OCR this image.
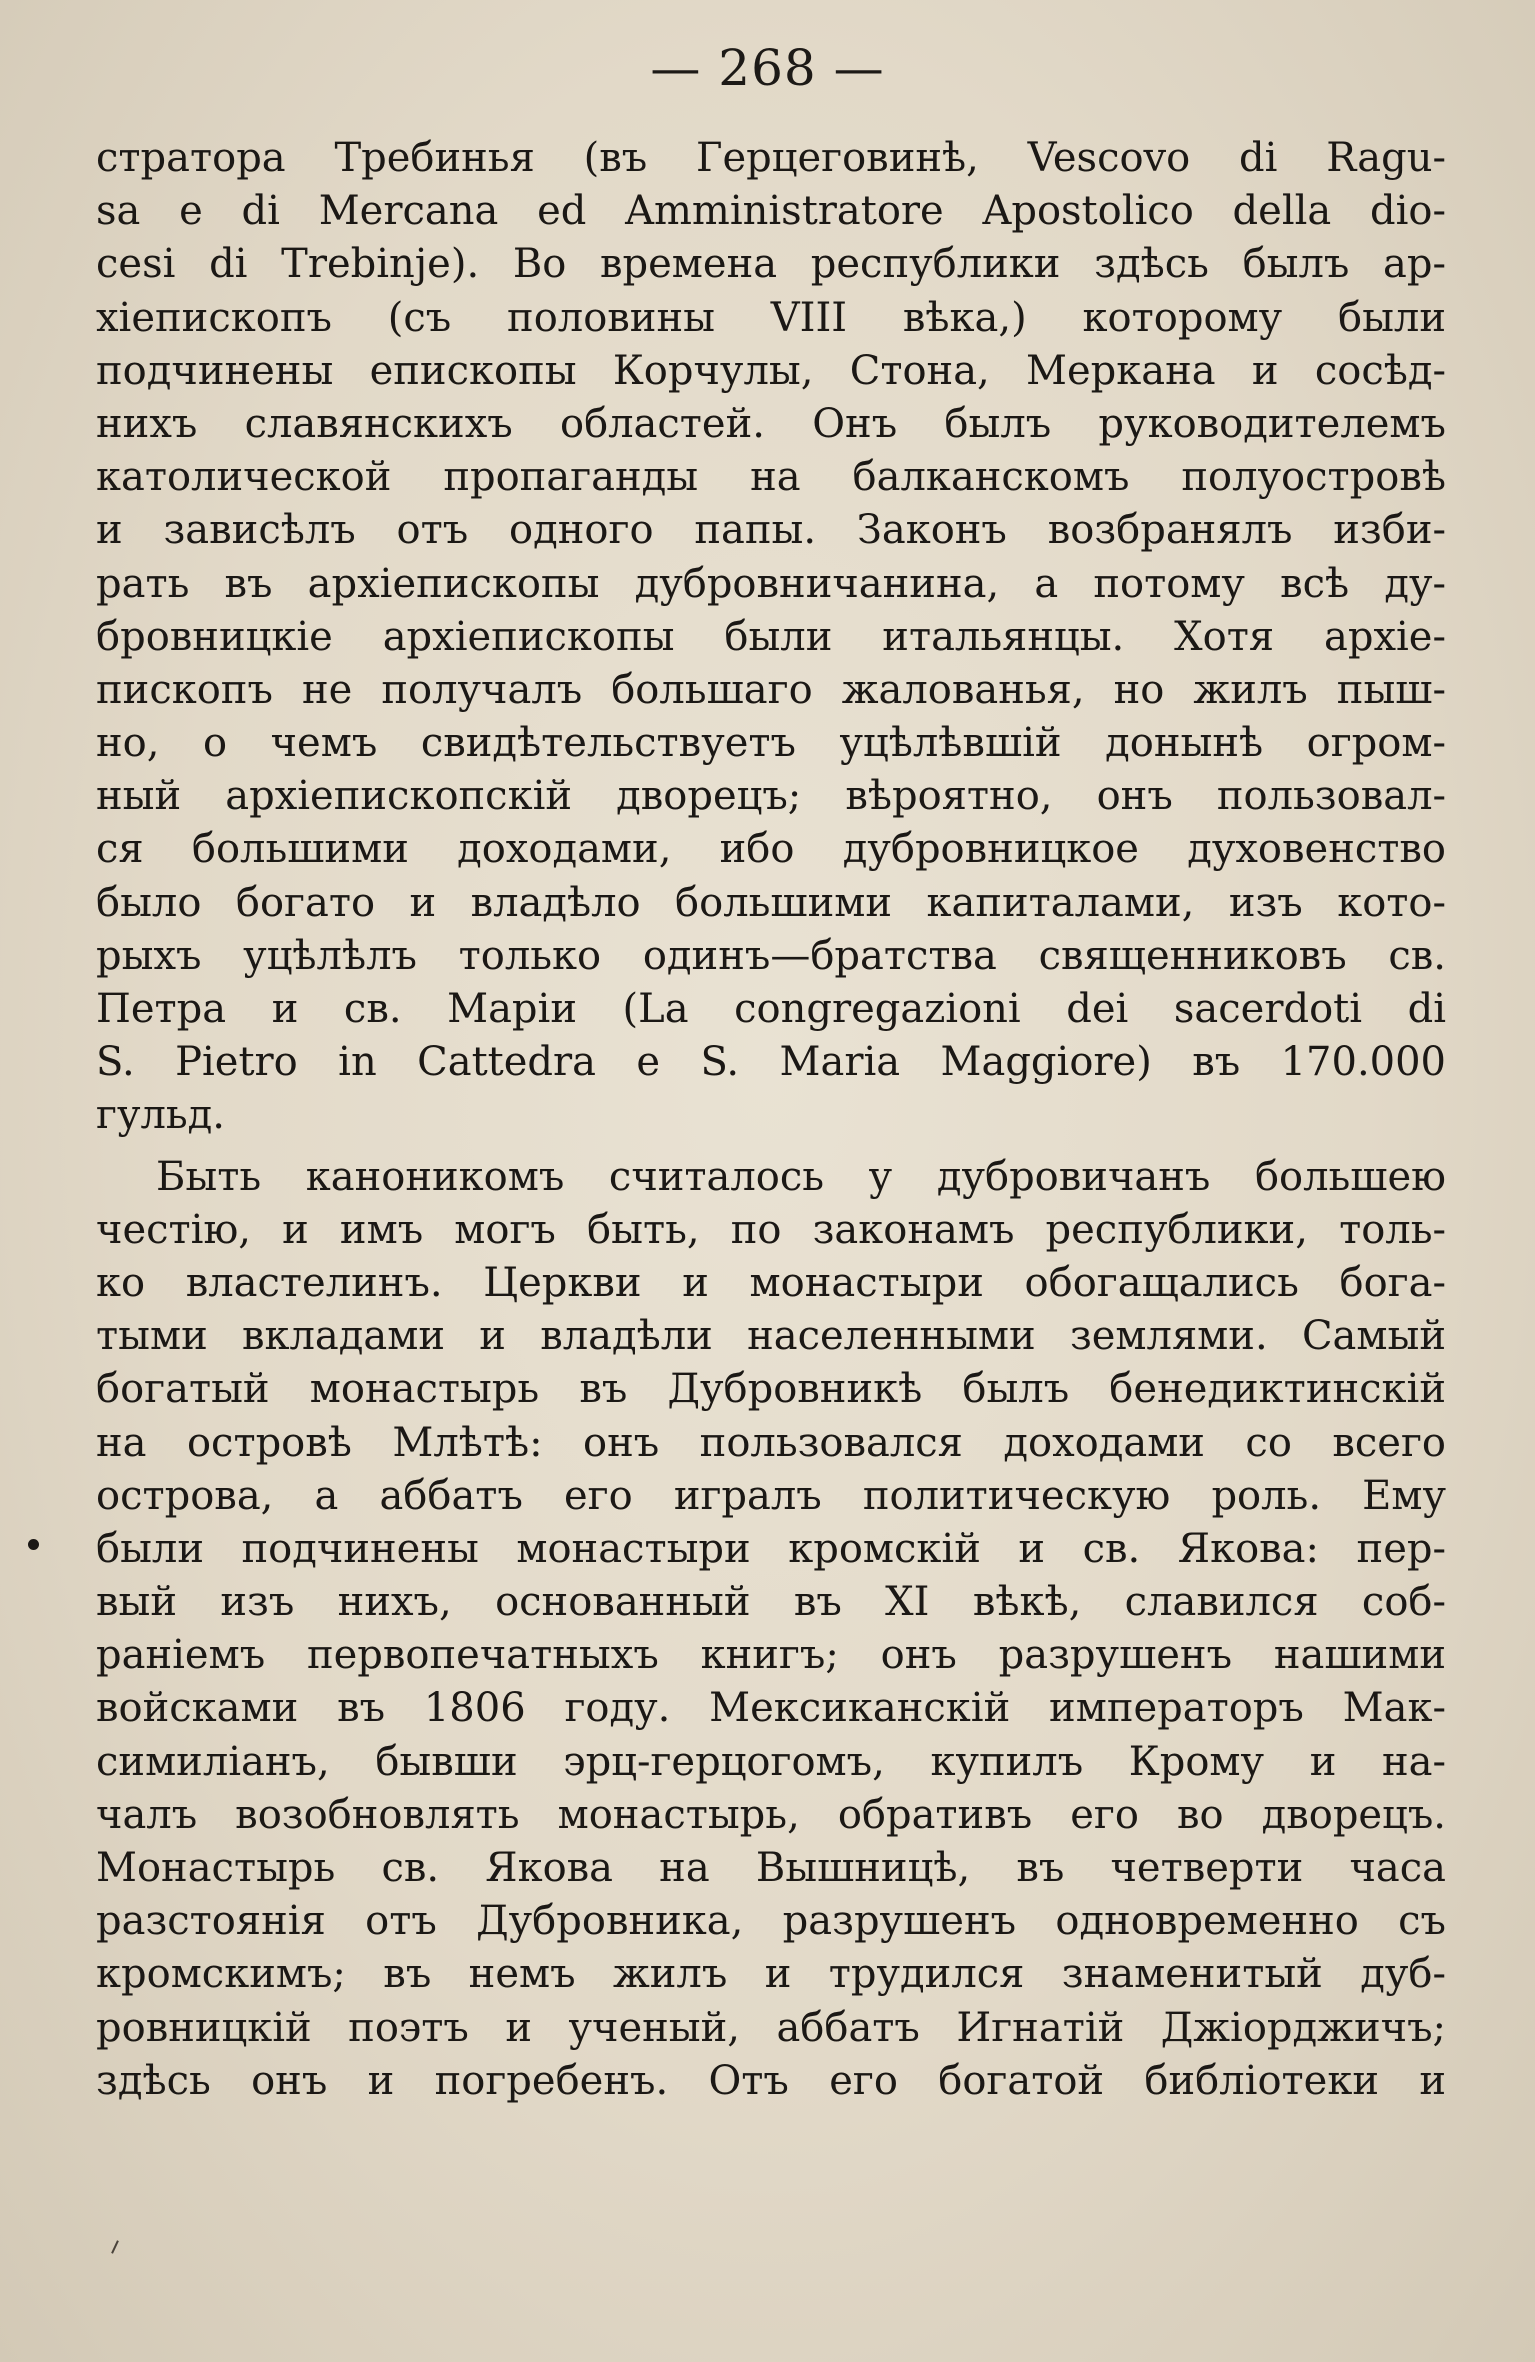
— 268 —
стратора Требинья (въ Герцеговинѣ, Vescovo di Ragu-
sa e di Mercana ed Amministratore Apostolico della dio-
cesi di Trebinje). Во времена республики здѣсь былъ ар-
хіепископъ (съ половины VIII вѣка,) которому были
подчинены епископы Корчулы, Стона, Меркана и сосѣд-
нихъ славянскихъ областей. Онъ былъ руководителемъ
католической пропаганды на балканскомъ полуостровѣ
и зависѣлъ отъ одного папы. Законъ возбранялъ изби-
рать въ архіепископы дубровничанина, а потому всѣ ду-
бровницкіе архіепископы были итальянцы. Хотя архіе-
пископъ не получалъ большаго жалованья, но жилъ пыш-
но, о чемъ свидѣтельствуетъ уцѣлѣвшій донынѣ огром-
ный архіепископскій дворецъ; вѣроятно, онъ пользовал-
ся большими доходами, ибо дубровницкое духовенство
было богато и владѣло большими капиталами, изъ кото-
рыхъ уцѣлѣлъ только одинъ—братства священниковъ св.
Петра и св. Маріи (La congregazioni dei sacerdoti di
S. Pietro in Cattedra e S. Maria Maggiore) въ 170.000
гульд.
Быть каноникомъ считалось у дубровичанъ большею
честію, и имъ могъ быть, по законамъ республики, толь-
ко властелинъ. Церкви и монастыри обогащались бога-
тыми вкладами и владѣли населенными землями. Самый
богатый монастырь въ Дубровникѣ былъ бенедиктинскій
на островѣ Млѣтѣ: онъ пользовался доходами со всего
острова, а аббатъ его игралъ политическую роль. Ему
были подчинены монастыри кромскій и св. Якова: пер-
вый изъ нихъ, основанный въ XI вѣкѣ, славился соб-
раніемъ первопечатныхъ книгъ; онъ разрушенъ нашими
войсками въ 1806 году. Мексиканскій императоръ Мак-
симиліанъ, бывши эрц-герцогомъ, купилъ Крому и на-
чалъ возобновлять монастырь, обративъ его во дворецъ.
Монастырь св. Якова на Вышницѣ, въ четверти часа
разстоянія отъ Дубровника, разрушенъ одновременно съ
кромскимъ; въ немъ жилъ и трудился знаменитый дуб-
ровницкій поэтъ и ученый, аббатъ Игнатій Джіорджичъ;
здѣсь онъ и погребенъ. Отъ его богатой библіотеки и
